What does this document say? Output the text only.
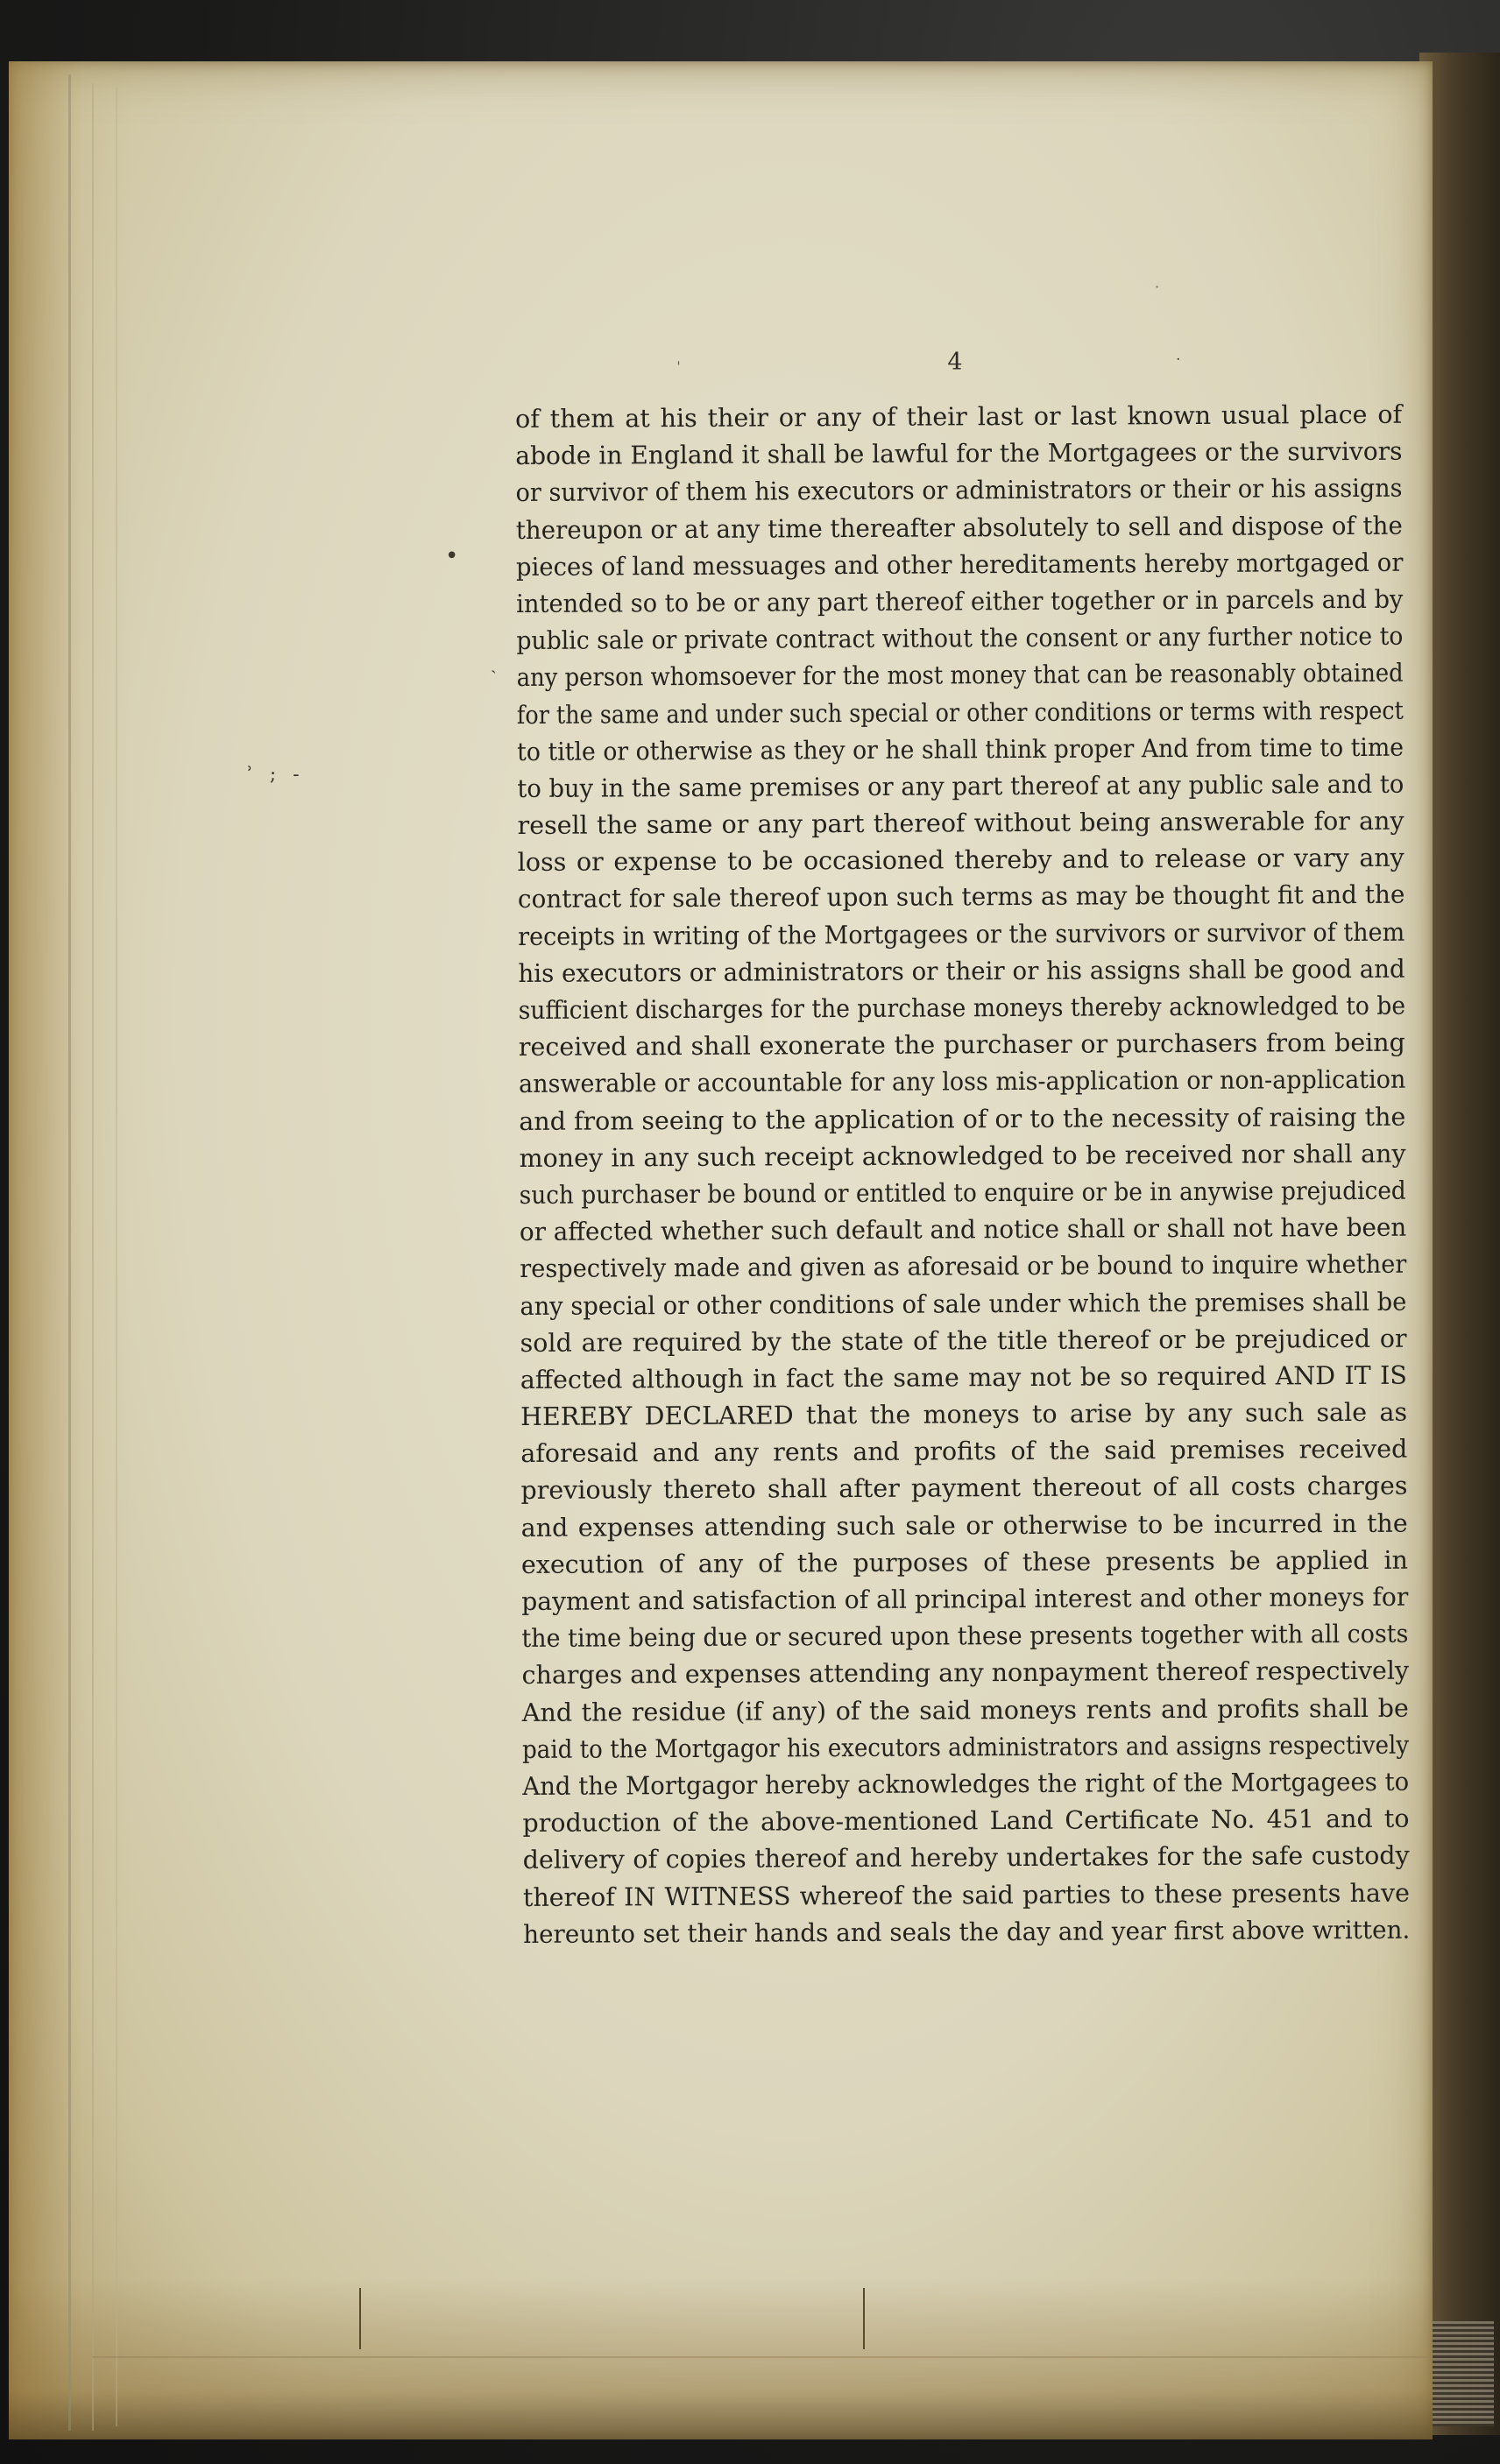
•
ʾ ; -
ˏ
ˈ	·
·
4
of them at his their or any of their last or last known usual place of
abode in England it shall be lawful for the Mortgagees or the survivors
or survivor of them his executors or administrators or their or his assigns
thereupon or at any time thereafter absolutely to sell and dispose of the
pieces of land messuages and other hereditaments hereby mortgaged or
intended so to be or any part thereof either together or in parcels and by
public sale or private contract without the consent or any further notice to
any person whomsoever for the most money that can be reasonably obtained
for the same and under such special or other conditions or terms with respect
to title or otherwise as they or he shall think proper And from time to time
to buy in the same premises or any part thereof at any public sale and to
resell the same or any part thereof without being answerable for any
loss or expense to be occasioned thereby and to release or vary any
contract for sale thereof upon such terms as may be thought fit and the
receipts in writing of the Mortgagees or the survivors or survivor of them
his executors or administrators or their or his assigns shall be good and
sufficient discharges for the purchase moneys thereby acknowledged to be
received and shall exonerate the purchaser or purchasers from being
answerable or accountable for any loss mis-application or non-application
and from seeing to the application of or to the necessity of raising the
money in any such receipt acknowledged to be received nor shall any
such purchaser be bound or entitled to enquire or be in anywise prejudiced
or affected whether such default and notice shall or shall not have been
respectively made and given as aforesaid or be bound to inquire whether
any special or other conditions of sale under which the premises shall be
sold are required by the state of the title thereof or be prejudiced or
affected although in fact the same may not be so required AND IT IS
HEREBY DECLARED that the moneys to arise by any such sale as
aforesaid and any rents and profits of the said premises received
previously thereto shall after payment thereout of all costs charges
and expenses attending such sale or otherwise to be incurred in the
execution of any of the purposes of these presents be applied in
payment and satisfaction of all principal interest and other moneys for
the time being due or secured upon these presents together with all costs
charges and expenses attending any nonpayment thereof respectively
And the residue (if any) of the said moneys rents and profits shall be
paid to the Mortgagor his executors administrators and assigns respectively
And the Mortgagor hereby acknowledges the right of the Mortgagees to
production of the above-mentioned Land Certificate No. 451 and to
delivery of copies thereof and hereby undertakes for the safe custody
thereof IN WITNESS whereof the said parties to these presents have
hereunto set their hands and seals the day and year first above written.
